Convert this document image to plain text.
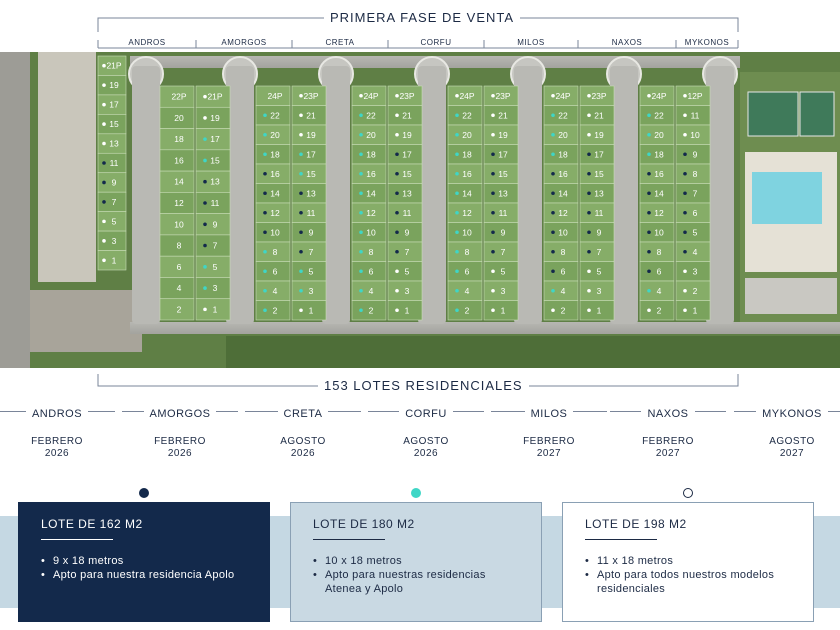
PRIMERA FASE DE VENTA
ANDROS	AMORGOS	CRETA	CORFU	MILOS	NAXOS	MYKONOS
21P
19
17
15
13
11
9
7
5
3
1
22P
20
18
16
14
12
10
8
6
4
2
21P
19
17
15
13
11
9
7
5
3
1
24P
22
20
18
16
14
12
10
8
6
4
2
23P
21
19
17
15
13
11
9
7
5
3
1
24P
22
20
18
16
14
12
10
8
6
4
2
23P
21
19
17
15
13
11
9
7
5
3
1
24P
22
20
18
16
14
12
10
8
6
4
2
23P
21
19
17
15
13
11
9
7
5
3
1
24P
22
20
18
16
14
12
10
8
6
4
2
23P
21
19
17
15
13
11
9
7
5
3
1
24P
22
20
18
16
14
12
10
8
6
4
2
12P
11
10
9
8
7
6
5
4
3
2
1
153 LOTES RESIDENCIALES
ANDROS
FEBRERO
2026
AMORGOS
FEBRERO
2026
CRETA
AGOSTO
2026
CORFU
AGOSTO
2026
MILOS
FEBRERO
2027
NAXOS
FEBRERO
2027
MYKONOS
AGOSTO
2027
LOTE DE 162 M2
• 9 x 18 metros
• Apto para nuestra residencia Apolo
LOTE DE 180 M2
• 10 x 18 metros
• Apto para nuestras residencias Atenea y Apolo
LOTE DE 198 M2
• 11 x 18 metros
• Apto para todos nuestros modelos residenciales
